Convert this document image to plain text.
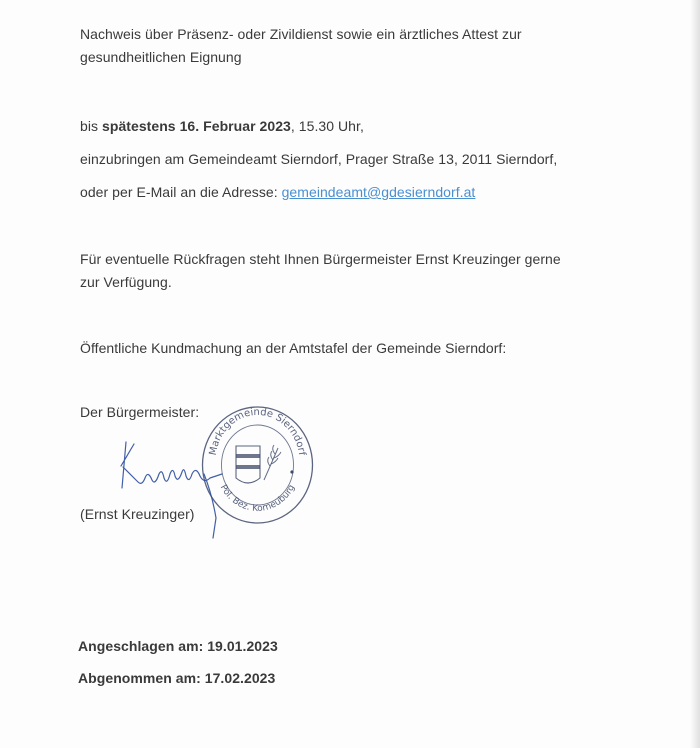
Nachweis über Präsenz- oder Zivildienst sowie ein ärztliches Attest zur
gesundheitlichen Eignung
bis spätestens 16. Februar 2023, 15.30 Uhr,
einzubringen am Gemeindeamt Sierndorf, Prager Straße 13, 2011 Sierndorf,
oder per E-Mail an die Adresse: gemeindeamt@gdesierndorf.at
Für eventuelle Rückfragen steht Ihnen Bürgermeister Ernst Kreuzinger gerne
zur Verfügung.
Öffentliche Kundmachung an der Amtstafel der Gemeinde Sierndorf:
Der Bürgermeister:
(Ernst Kreuzinger)
Marktgemeinde Sierndorf
Pol. Bez. Korneuburg
Angeschlagen am: 19.01.2023
Abgenommen am: 17.02.2023
